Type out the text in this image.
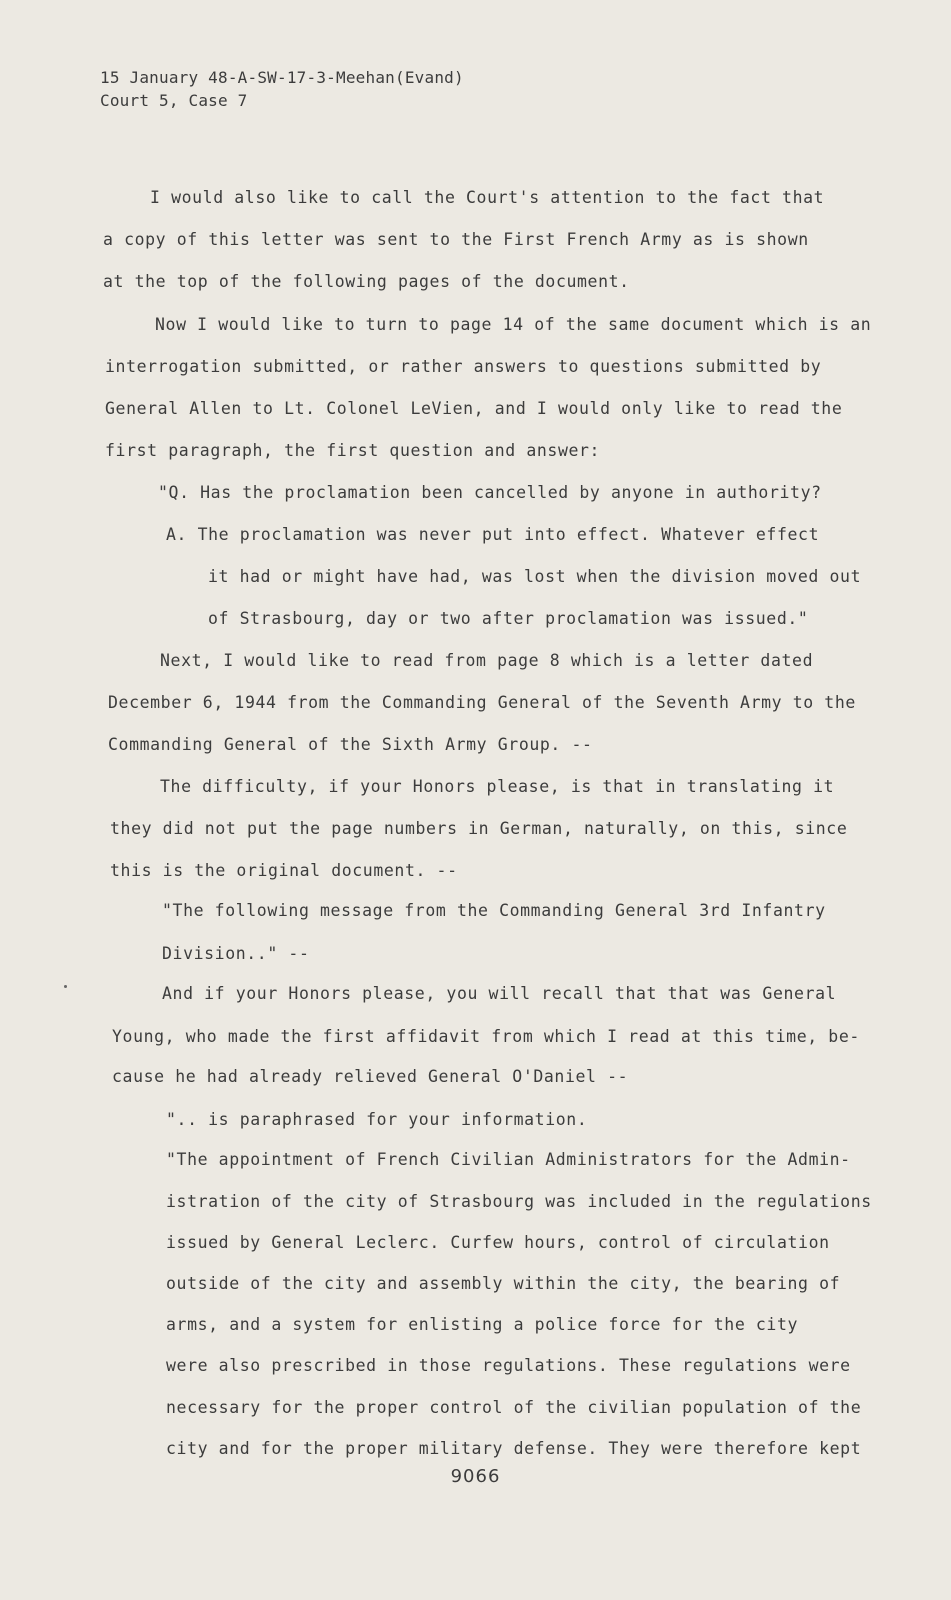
15 January 48-A-SW-17-3-Meehan(Evand)
Court 5, Case 7
I would also like to call the Court's attention to the fact that
a copy of this letter was sent to the First French Army as is shown
at the top of the following pages of the document.
Now I would like to turn to page 14 of the same document which is an
interrogation submitted, or rather answers to questions submitted by
General Allen to Lt. Colonel LeVien, and I would only like to read the
first paragraph, the first question and answer:
"Q. Has the proclamation been cancelled by anyone in authority?
A. The proclamation was never put into effect. Whatever effect
it had or might have had, was lost when the division moved out
of Strasbourg, day or two after proclamation was issued."
Next, I would like to read from page 8 which is a letter dated
December 6, 1944 from the Commanding General of the Seventh Army to the
Commanding General of the Sixth Army Group. --
The difficulty, if your Honors please, is that in translating it
they did not put the page numbers in German, naturally, on this, since
this is the original document. --
"The following message from the Commanding General 3rd Infantry
Division.." --
And if your Honors please, you will recall that that was General
Young, who made the first affidavit from which I read at this time, be-
cause he had already relieved General O'Daniel --
".. is paraphrased for your information.
"The appointment of French Civilian Administrators for the Admin-
istration of the city of Strasbourg was included in the regulations
issued by General Leclerc. Curfew hours, control of circulation
outside of the city and assembly within the city, the bearing of
arms, and a system for enlisting a police force for the city
were also prescribed in those regulations. These regulations were
necessary for the proper control of the civilian population of the
city and for the proper military defense. They were therefore kept
9066
